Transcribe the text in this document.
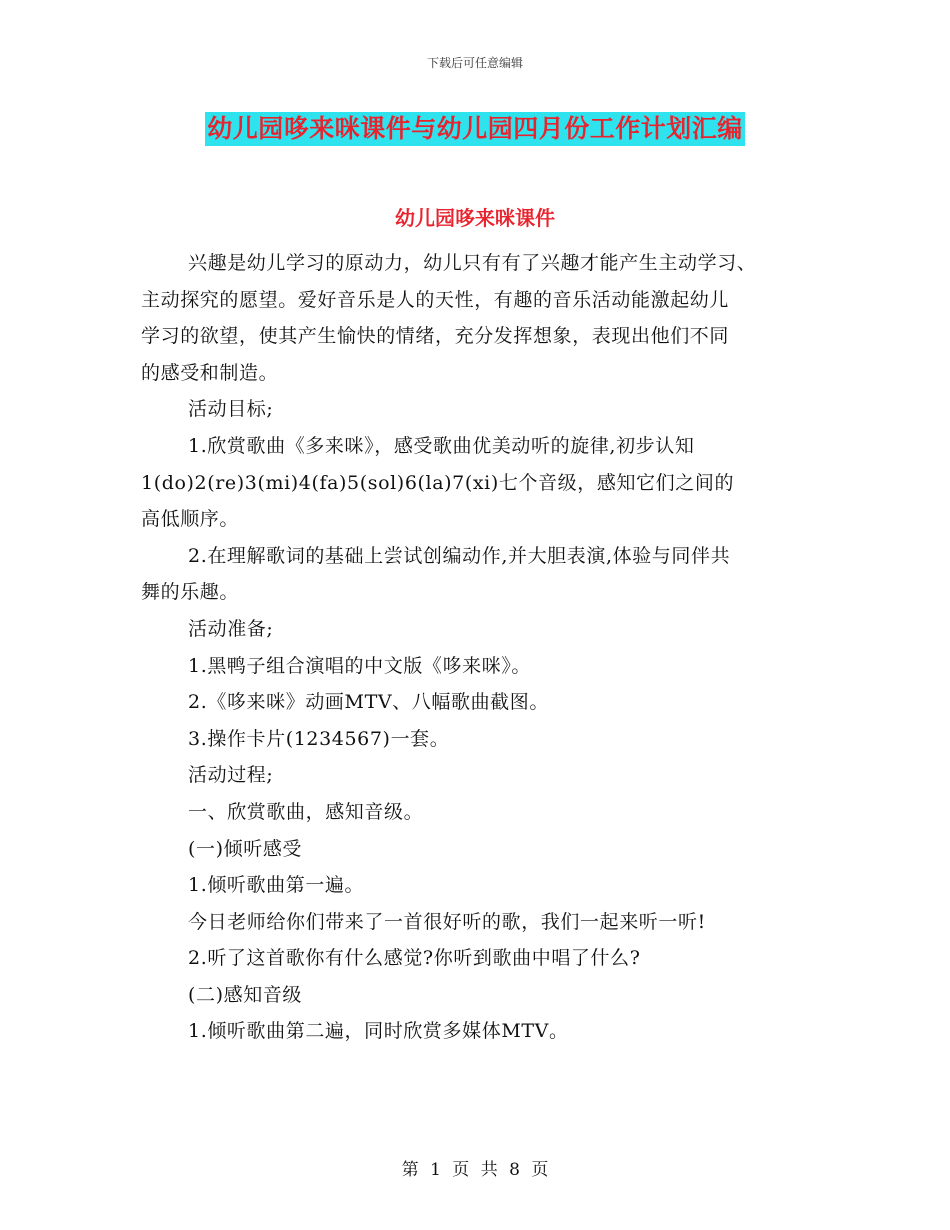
下载后可任意编辑
幼儿园哆来咪课件与幼儿园四月份工作计划汇编
幼儿园哆来咪课件

兴趣是幼儿学习的原动力，幼儿只有有了兴趣才能产生主动学习、

主动探究的愿望。爱好音乐是人的天性，有趣的音乐活动能激起幼儿

学习的欲望，使其产生愉快的情绪，充分发挥想象，表现出他们不同

的感受和制造。

活动目标;

1.欣赏歌曲《多来咪》，感受歌曲优美动听的旋律,初步认知

1(do)2(re)3(mi)4(fa)5(sol)6(la)7(xi)七个音级，感知它们之间的

高低顺序。

2.在理解歌词的基础上尝试创编动作,并大胆表演,体验与同伴共

舞的乐趣。

活动准备;

1.黑鸭子组合演唱的中文版《哆来咪》。

2.《哆来咪》动画MTV、八幅歌曲截图。

3.操作卡片(1234567)一套。

活动过程;

一、欣赏歌曲，感知音级。

(一)倾听感受

1.倾听歌曲第一遍。

今日老师给你们带来了一首很好听的歌，我们一起来听一听!

2.听了这首歌你有什么感觉?你听到歌曲中唱了什么?

(二)感知音级

1.倾听歌曲第二遍，同时欣赏多媒体MTV。

第 1 页 共 8 页
